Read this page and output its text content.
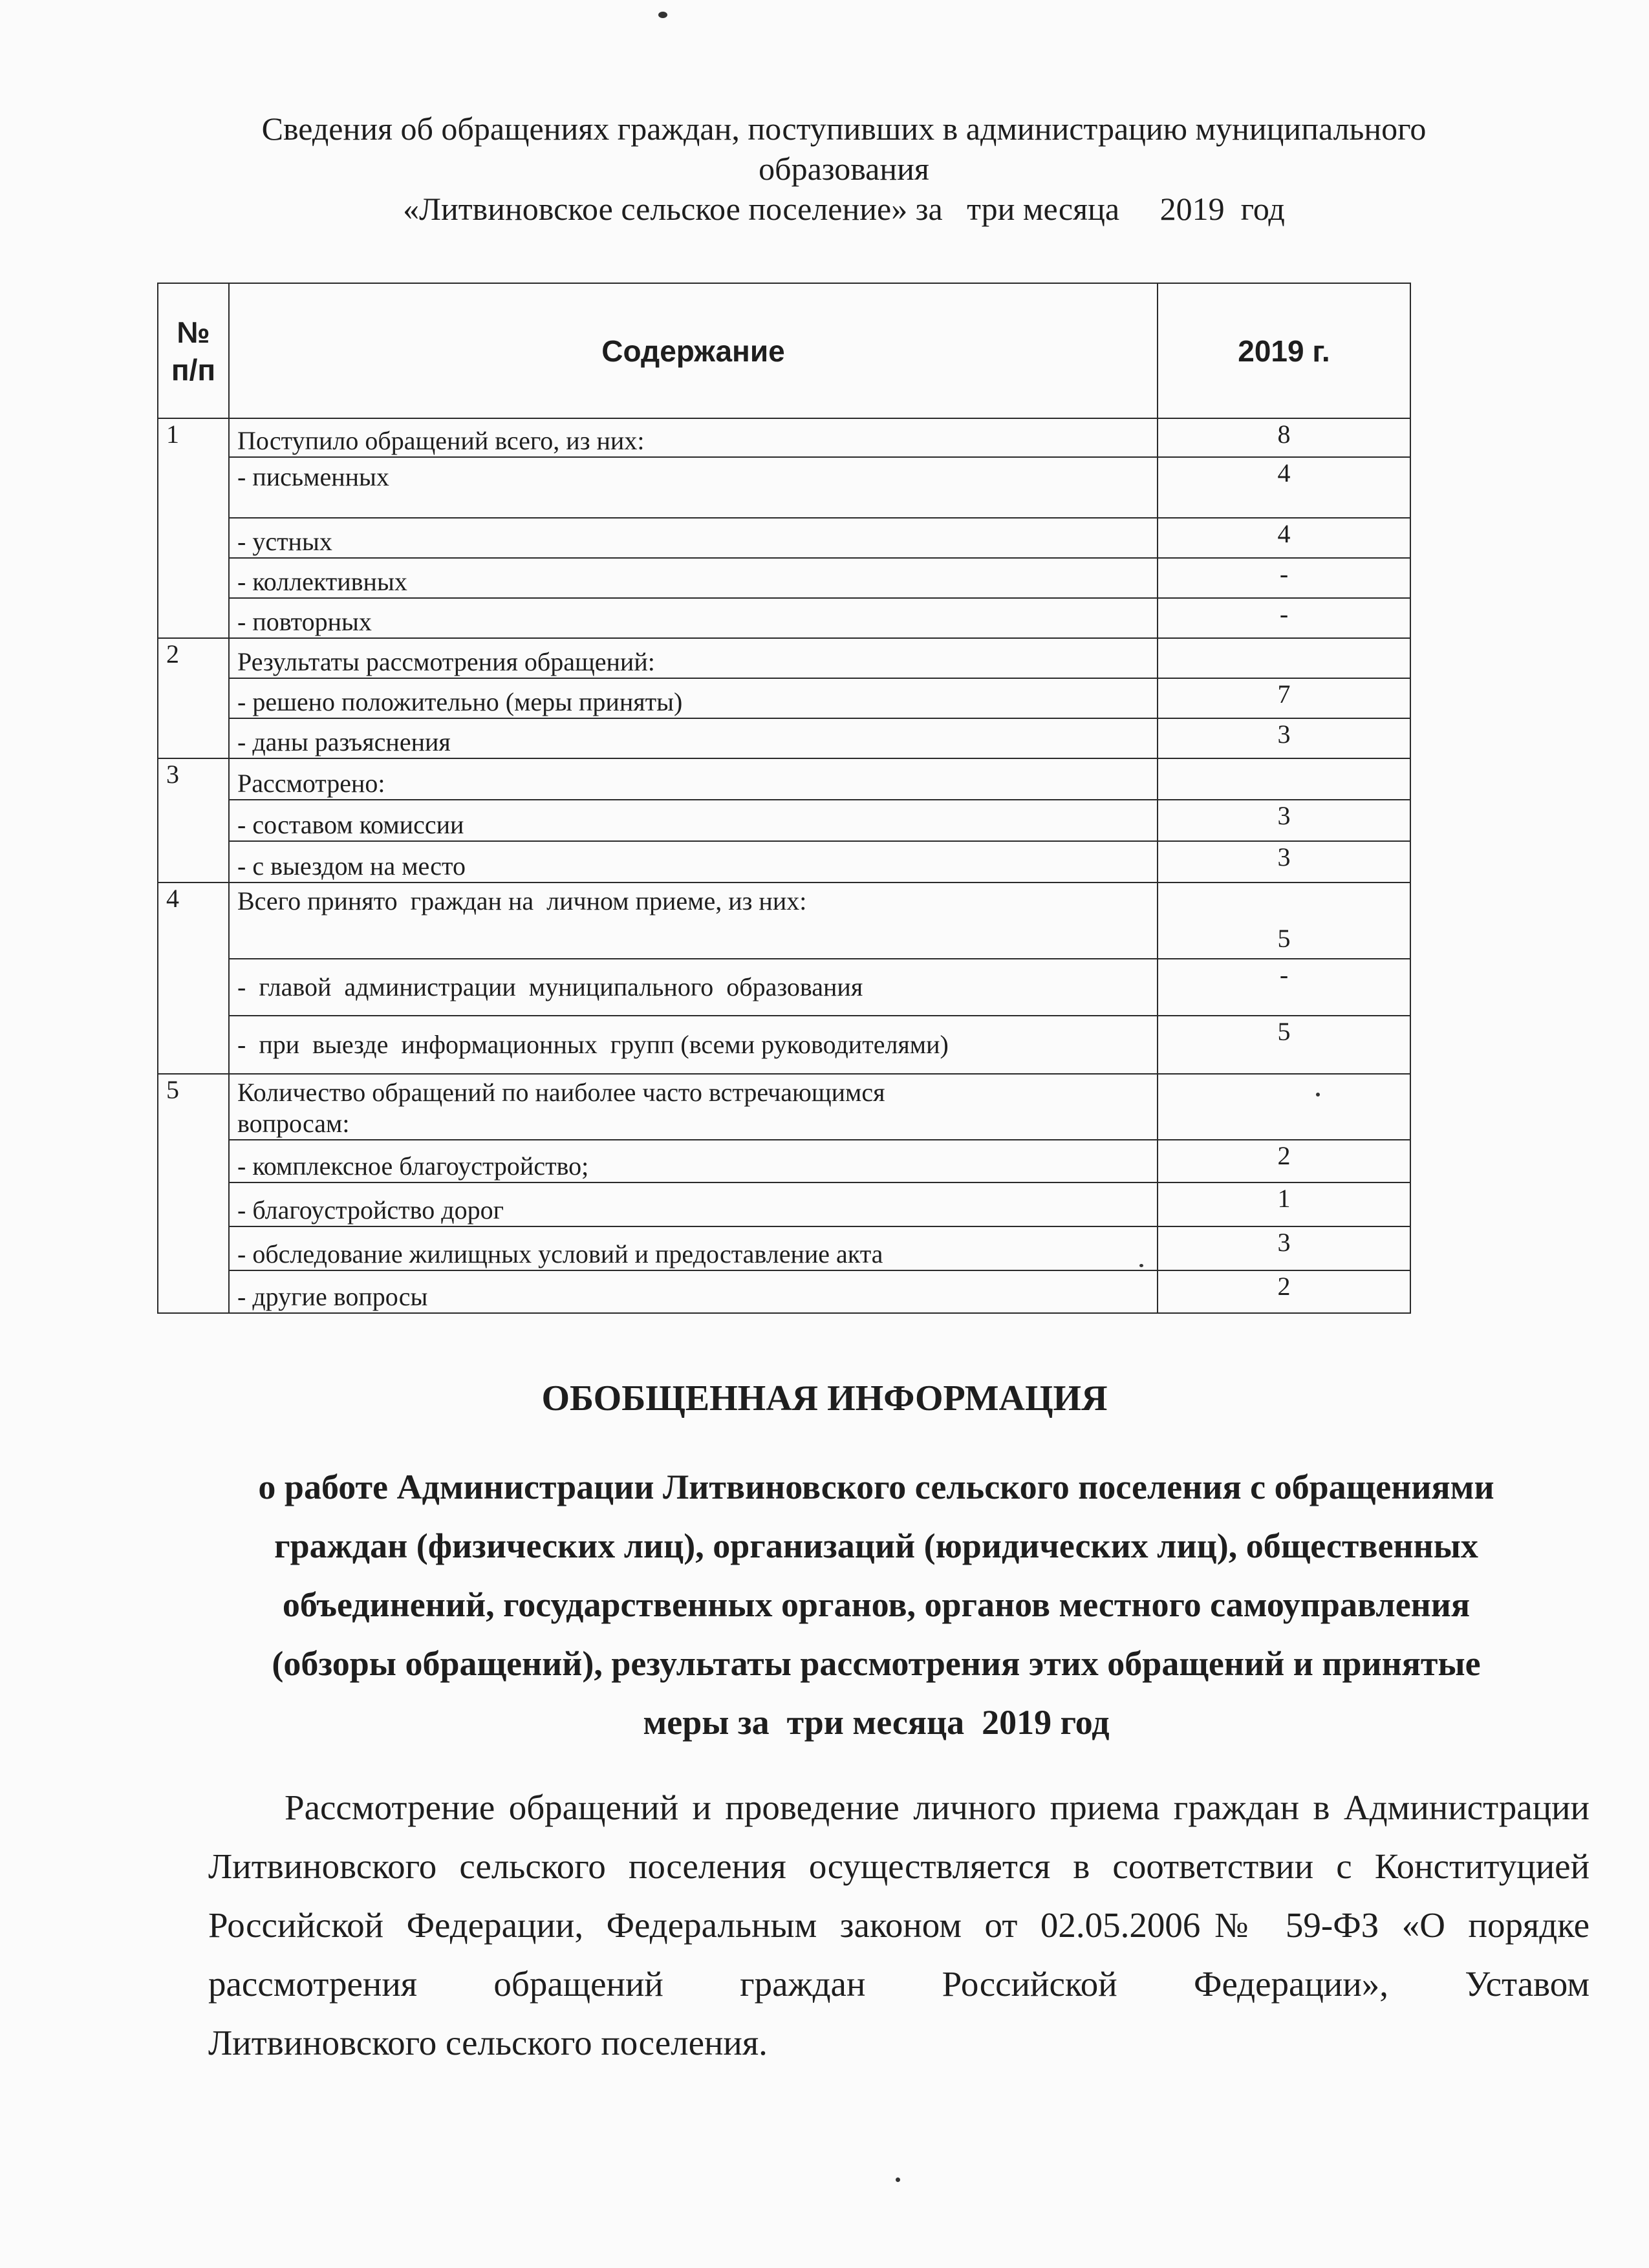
Сведения об обращениях граждан, поступивших в администрацию муниципального
образования
«Литвиновское сельское поселение» за   три месяца     2019  год
№ п/п	Содержание	2019 г.
1	Поступило обращений всего, из них:	8
	- письменных	4
	- устных	4
	- коллективных	-
	- повторных	-
2	Результаты рассмотрения обращений:	
	- решено положительно (меры приняты)	7
	- даны разъяснения	3
3	Рассмотрено:	
	- составом комиссии	3
	- с выездом на место	3
4	Всего принято  граждан на  личном приеме, из них:	5
	-  главой  администрации  муниципального  образования	-
	-  при  выезде  информационных  групп (всеми руководителями)	5
5	Количество обращений по наиболее часто встречающимся вопросам:	
	- комплексное благоустройство;	2
	- благоустройство дорог	1
	- обследование жилищных условий и предоставление акта	3
	- другие вопросы	2
ОБОБЩЕННАЯ ИНФОРМАЦИЯ

о работе Администрации Литвиновского сельского поселения с обращениями
граждан (физических лиц), организаций (юридических лиц), общественных
объединений, государственных органов, органов местного самоуправления
(обзоры обращений), результаты рассмотрения этих обращений и принятые
меры за  три месяца  2019 год

Рассмотрение обращений и проведение личного приема граждан в Администрации Литвиновского сельского поселения осуществляется в соответствии с Конституцией Российской Федерации, Федеральным законом от 02.05.2006№ 59-ФЗ «О порядке рассмотрения обращений граждан Российской Федерации», Уставом
Литвиновского сельского поселения.
